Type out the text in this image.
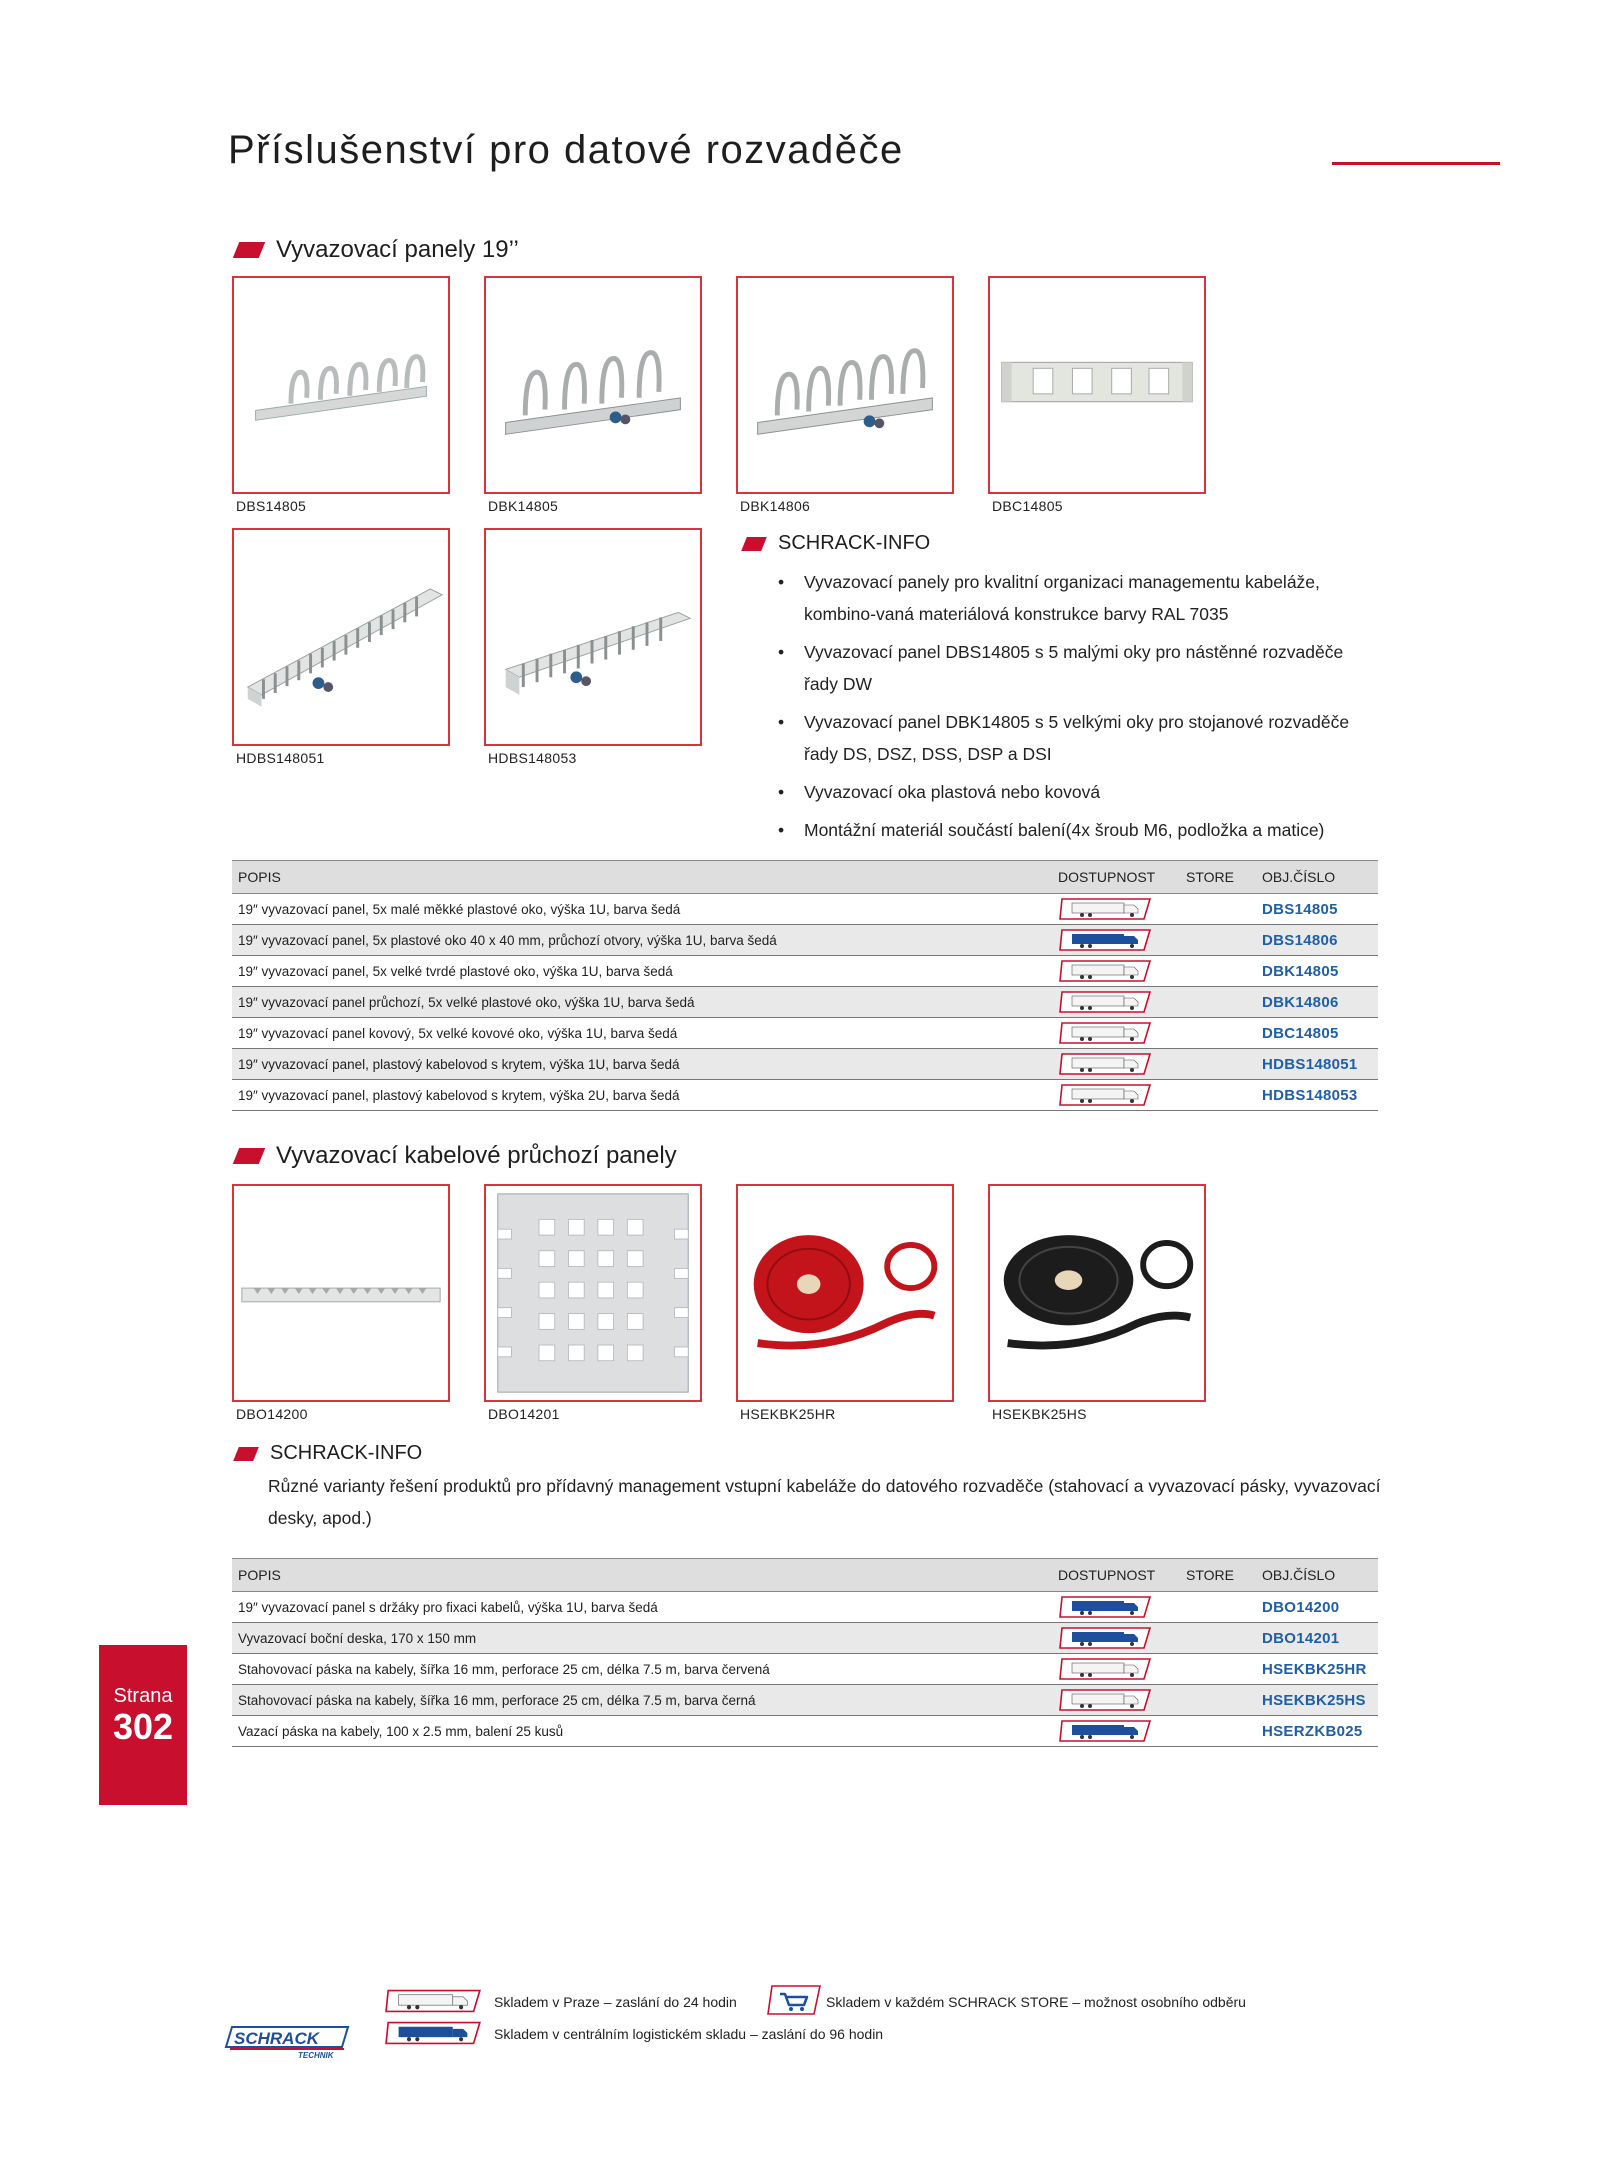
Příslušenství pro datové rozvaděče
Vyvazovací panely 19’’
DBS14805	DBK14805	DBK14806	DBC14805
HDBS148051	HDBS148053
SCHRACK-INFO
• Vyvazovací panely pro kvalitní organizaci managementu kabeláže, kombino-vaná materiálová konstrukce barvy RAL 7035
• Vyvazovací panel DBS14805 s 5 malými oky pro nástěnné rozvaděče řady DW
• Vyvazovací panel DBK14805 s 5 velkými oky pro stojanové rozvaděče řady DS, DSZ, DSS, DSP a DSI
• Vyvazovací oka plastová nebo kovová
• Montážní materiál součástí balení(4x šroub M6, podložka a matice)
POPIS	DOSTUPNOST	STORE	OBJ.ČÍSLO
19″ vyvazovací panel, 5x malé měkké plastové oko, výška 1U, barva šedá			DBS14805
19″ vyvazovací panel, 5x plastové oko 40 x 40 mm, průchozí otvory, výška 1U, barva šedá			DBS14806
19″ vyvazovací panel, 5x velké tvrdé plastové oko, výška 1U, barva šedá			DBK14805
19″ vyvazovací panel průchozí, 5x velké plastové oko, výška 1U, barva šedá			DBK14806
19″ vyvazovací panel kovový, 5x velké kovové oko, výška 1U, barva šedá			DBC14805
19″ vyvazovací panel, plastový kabelovod s krytem, výška 1U, barva šedá			HDBS148051
19″ vyvazovací panel, plastový kabelovod s krytem, výška 2U, barva šedá			HDBS148053
Vyvazovací kabelové průchozí panely
DBO14200	DBO14201	HSEKBK25HR	HSEKBK25HS
SCHRACK-INFO
Různé varianty řešení produktů pro přídavný management vstupní kabeláže do datového rozvaděče (stahovací a vyvazovací pásky, vyvazovací desky, apod.)
POPIS	DOSTUPNOST	STORE	OBJ.ČÍSLO
19″ vyvazovací panel s držáky pro fixaci kabelů, výška 1U, barva šedá			DBO14200
Vyvazovací boční deska, 170 x 150 mm			DBO14201
Stahovovací páska na kabely, šířka 16 mm, perforace 25 cm, délka 7.5 m, barva červená			HSEKBK25HR
Stahovovací páska na kabely, šířka 16 mm, perforace 25 cm, délka 7.5 m, barva černá			HSEKBK25HS
Vazací páska na kabely, 100 x 2.5 mm, balení 25 kusů			HSERZKB025
Strana
302
Skladem v Praze – zaslání do 24 hodin	Skladem v každém SCHRACK STORE – možnost osobního odběru
Skladem v centrálním logistickém skladu – zaslání do 96 hodin
SCHRACK
TECHNIK
